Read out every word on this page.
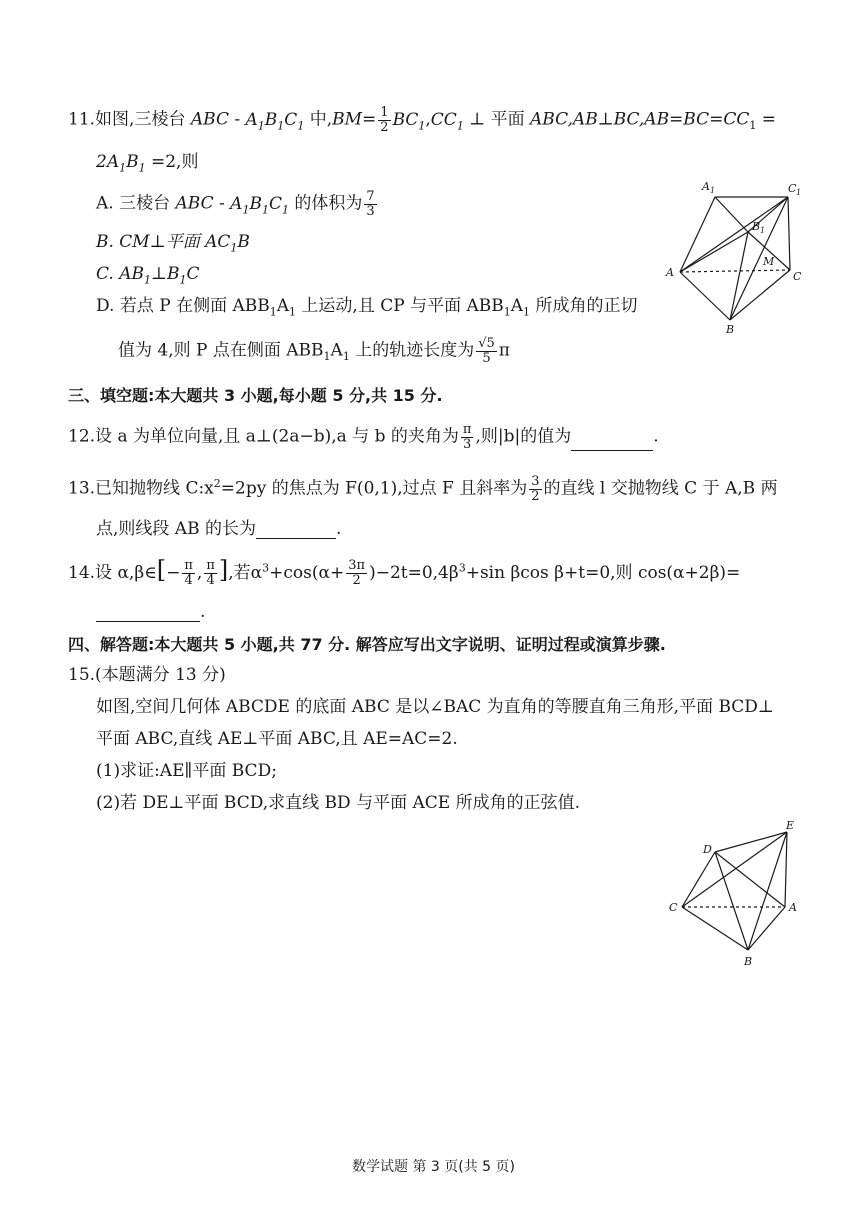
11.如图,三棱台 ABC - $A_1B_1C_1$ 中$,BM= \frac{1}{2} BC_1,CC_1$ ⊥ 平面 $ABC,AB\perp BC,AB=BC=CC_1$ =
$2A_1B_1 =2$,则
A. 三棱台 ABC - $A_1B_1C_1$ 的体积为 $\frac{7}{3}$
B. CM⊥平面 $AC_1B$
C. $AB_1\perp B_1C$
D. 若点 P 在侧面 $ABB_1A_1$ 上运动,且 CP 与平面 $ABB_1A_1$ 所成角的正切
值为 4,则 P 点在侧面 $ABB_1A_1$ 上的轨迹长度为 $\frac{√5}{5}$ π
A 1	C 1
B 1
A
M
C
B
三、填空题:本大题共 3 小题,每小题 5 分,共 15 分.
12.设 a 为单位向量,且 a⊥(2a−b),a 与 b 的夹角为 $\frac{\pi}{3}$ ,则|b|的值为	.
13.已知抛物线 $C:x^2=2py$ 的焦点为 F(0,1),过点 F 且斜率为 $\frac{3}{2}$ 的直线 l 交抛物线 C 于 A,B 两
点,则线段 AB 的长为	.
14.设 α,β∈[− $\frac{\pi}{4}$ , $\frac{\pi}{4}$ ],若$\alpha^3+\cos(\alpha+ \frac{3\pi}{2} )-2t=0,4\beta^3+\sin$ βcos β+t=0,则 cos(α+2β)=
.
四、解答题:本大题共 5 小题,共 77 分. 解答应写出文字说明、证明过程或演算步骤.
15.(本题满分 13 分)
如图,空间几何体 ABCDE 的底面 ABC 是以∠BAC 为直角的等腰直角三角形,平面 BCD⊥
平面 ABC,直线 AE⊥平面 ABC,且 AE=AC=2.
(1)求证:AE∥平面 BCD;
(2)若 DE⊥平面 BCD,求直线 BD 与平面 ACE 所成角的正弦值.
D
E
C	A
B
数学试题 第 3 页(共 5 页)
